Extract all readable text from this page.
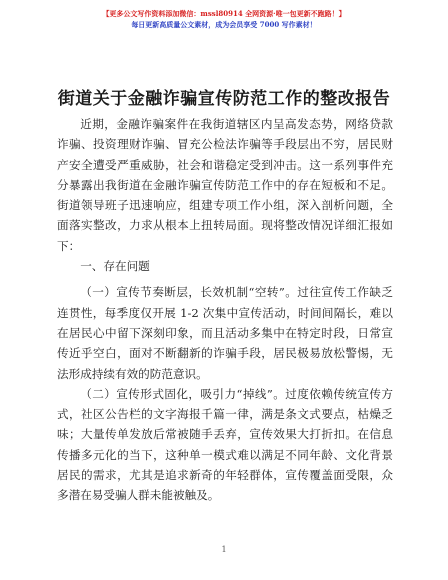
【更多公文写作资料添加微信：mssl80914 全网资源·唯一包更新不跑路！】
每日更新高质量公文素材，成为会员享受 7000 写作素材！
街道关于金融诈骗宣传防范工作的整改报告

近期，金融诈骗案件在我街道辖区内呈高发态势，网络贷款诈骗、投资理财诈骗、冒充公检法诈骗等手段层出不穷，居民财产安全遭受严重威胁，社会和谐稳定受到冲击。这一系列事件充分暴露出我街道在金融诈骗宣传防范工作中的存在短板和不足。街道领导班子迅速响应，组建专项工作小组，深入剖析问题，全面落实整改，力求从根本上扭转局面。现将整改情况详细汇报如下：

一、存在问题

（一）宣传节奏断层，长效机制“空转”。过往宣传工作缺乏连贯性，每季度仅开展 1-2 次集中宣传活动，时间间隔长，难以在居民心中留下深刻印象，而且活动多集中在特定时段，日常宣传近乎空白，面对不断翻新的诈骗手段，居民极易放松警惕，无法形成持续有效的防范意识。

（二）宣传形式固化，吸引力“掉线”。过度依赖传统宣传方式，社区公告栏的文字海报千篇一律，满是条文式要点，枯燥乏味；大量传单发放后常被随手丢弃，宣传效果大打折扣。在信息传播多元化的当下，这种单一模式难以满足不同年龄、文化背景居民的需求，尤其是追求新奇的年轻群体，宣传覆盖面受限，众多潜在易受骗人群未能被触及。

1
